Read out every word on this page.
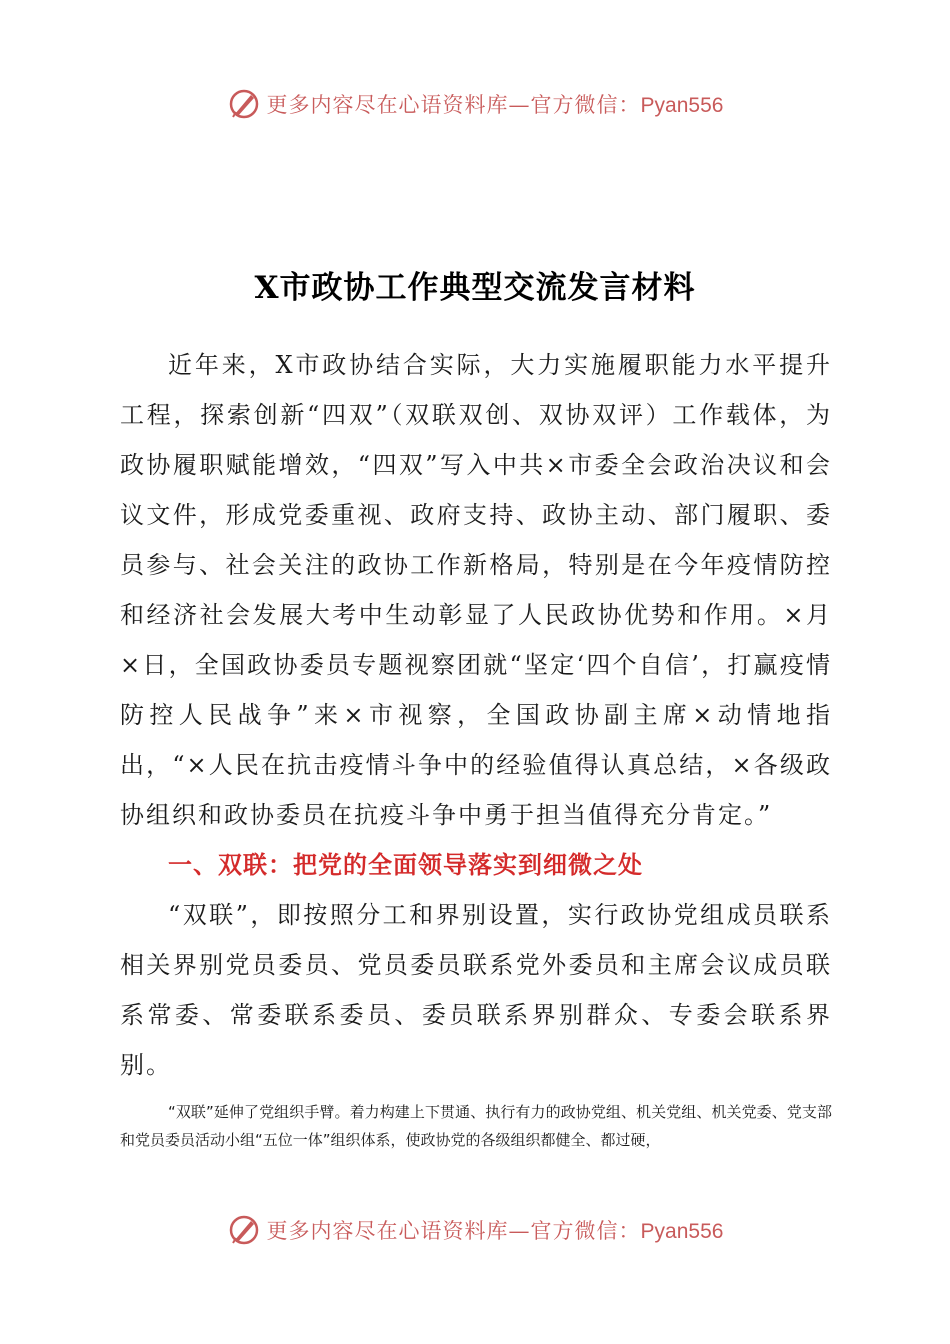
更多内容尽在心语资料库—官方微信：Pyan556
X市政协工作典型交流发言材料

近年来，X市政协结合实际，大力实施履职能力水平提升工程，探索创新“四双”（双联双创、双协双评）工作载体，为政协履职赋能增效，“四双”写入中共×市委全会政治决议和会议文件，形成党委重视、政府支持、政协主动、部门履职、委员参与、社会关注的政协工作新格局，特别是在今年疫情防控和经济社会发展大考中生动彰显了人民政协优势和作用。×月×日，全国政协委员专题视察团就“坚定‘四个自信’，打赢疫情防控人民战争”来×市视察，全国政协副主席×动情地指出，“×人民在抗击疫情斗争中的经验值得认真总结，×各级政协组织和政协委员在抗疫斗争中勇于担当值得充分肯定。”

一、双联：把党的全面领导落实到细微之处

“双联”，即按照分工和界别设置，实行政协党组成员联系相关界别党员委员、党员委员联系党外委员和主席会议成员联系常委、常委联系委员、委员联系界别群众、专委会联系界别。

“双联”延伸了党组织手臂。着力构建上下贯通、执行有力的政协党组、机关党组、机关党委、党支部和党员委员活动小组“五位一体”组织体系，使政协党的各级组织都健全、都过硬，

更多内容尽在心语资料库—官方微信：Pyan556
